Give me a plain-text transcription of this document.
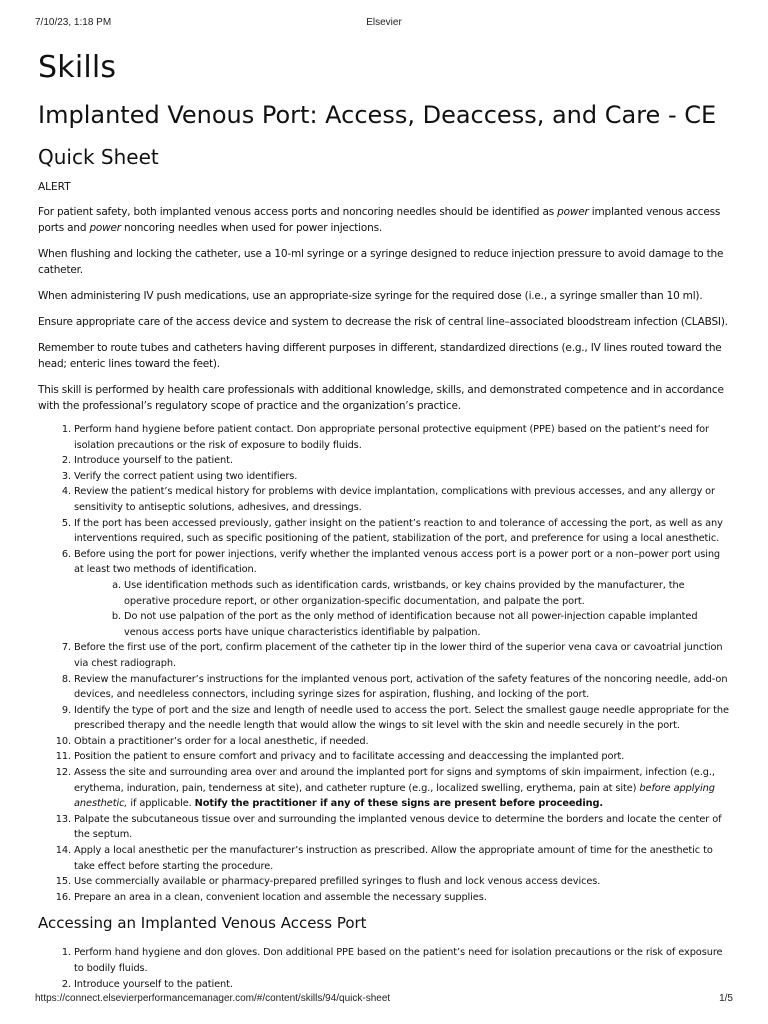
7/10/23, 1:18 PM	Elsevier
Skills
Implanted Venous Port: Access, Deaccess, and Care - CE
Quick Sheet
ALERT

For patient safety, both implanted venous access ports and noncoring needles should be identified as power implanted venous access ports and power noncoring needles when used for power injections.

When flushing and locking the catheter, use a 10-ml syringe or a syringe designed to reduce injection pressure to avoid damage to the catheter.

When administering IV push medications, use an appropriate-size syringe for the required dose (i.e., a syringe smaller than 10 ml).

Ensure appropriate care of the access device and system to decrease the risk of central line–associated bloodstream infection (CLABSI).

Remember to route tubes and catheters having different purposes in different, standardized directions (e.g., IV lines routed toward the head; enteric lines toward the feet).

This skill is performed by health care professionals with additional knowledge, skills, and demonstrated competence and in accordance with the professional’s regulatory scope of practice and the organization’s practice.

1. Perform hand hygiene before patient contact. Don appropriate personal protective equipment (PPE) based on the patient’s need for isolation precautions or the risk of exposure to bodily fluids.
2. Introduce yourself to the patient.
3. Verify the correct patient using two identifiers.
4. Review the patient’s medical history for problems with device implantation, complications with previous accesses, and any allergy or sensitivity to antiseptic solutions, adhesives, and dressings.
5. If the port has been accessed previously, gather insight on the patient’s reaction to and tolerance of accessing the port, as well as any interventions required, such as specific positioning of the patient, stabilization of the port, and preference for using a local anesthetic.
6. Before using the port for power injections, verify whether the implanted venous access port is a power port or a non–power port using at least two methods of identification.
a. Use identification methods such as identification cards, wristbands, or key chains provided by the manufacturer, the operative procedure report, or other organization-specific documentation, and palpate the port.
b. Do not use palpation of the port as the only method of identification because not all power-injection capable implanted venous access ports have unique characteristics identifiable by palpation.
7. Before the first use of the port, confirm placement of the catheter tip in the lower third of the superior vena cava or cavoatrial junction via chest radiograph.
8. Review the manufacturer’s instructions for the implanted venous port, activation of the safety features of the noncoring needle, add-on devices, and needleless connectors, including syringe sizes for aspiration, flushing, and locking of the port.
9. Identify the type of port and the size and length of needle used to access the port. Select the smallest gauge needle appropriate for the prescribed therapy and the needle length that would allow the wings to sit level with the skin and needle securely in the port.
10. Obtain a practitioner’s order for a local anesthetic, if needed.
11. Position the patient to ensure comfort and privacy and to facilitate accessing and deaccessing the implanted port.
12. Assess the site and surrounding area over and around the implanted port for signs and symptoms of skin impairment, infection (e.g., erythema, induration, pain, tenderness at site), and catheter rupture (e.g., localized swelling, erythema, pain at site) before applying anesthetic, if applicable. Notify the practitioner if any of these signs are present before proceeding.
13. Palpate the subcutaneous tissue over and surrounding the implanted venous device to determine the borders and locate the center of the septum.
14. Apply a local anesthetic per the manufacturer’s instruction as prescribed. Allow the appropriate amount of time for the anesthetic to take effect before starting the procedure.
15. Use commercially available or pharmacy-prepared prefilled syringes to flush and lock venous access devices.
16. Prepare an area in a clean, convenient location and assemble the necessary supplies.
Accessing an Implanted Venous Access Port
1. Perform hand hygiene and don gloves. Don additional PPE based on the patient’s need for isolation precautions or the risk of exposure to bodily fluids.
2. Introduce yourself to the patient.
https://connect.elsevierperformancemanager.com/#/content/skills/94/quick-sheet	1/5
